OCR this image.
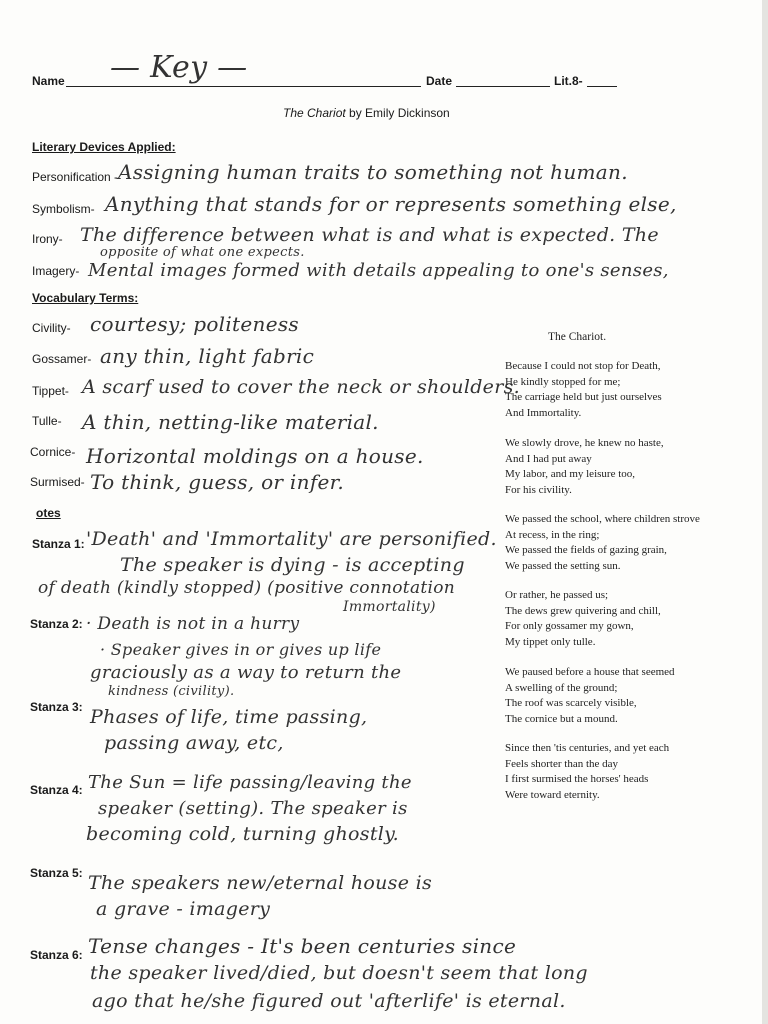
Name — Key —	Date	Lit.8-
The Chariot by Emily Dickinson
Literary Devices Applied:
Personification - Assigning human traits to something not human.
Symbolism- Anything that stands for or represents something else,
Irony- The difference between what is and what is expected. The
opposite of what one expects.
Imagery- Mental images formed with details appealing to one's senses,
Vocabulary Terms:
Civility- courtesy; politeness
Gossamer- any thin, light fabric
Tippet- A scarf used to cover the neck or shoulders.
Tulle- A thin, netting-like material.
Cornice- Horizontal moldings on a house.
Surmised- To think, guess, or infer.
otes
Stanza 1: 'Death' and 'Immortality' are personified.
The speaker is dying - is accepting
of death (kindly stopped) (positive connotation
Immortality)
Stanza 2: · Death is not in a hurry
· Speaker gives in or gives up life
graciously as a way to return the
kindness (civility).
Stanza 3: Phases of life, time passing,
passing away, etc,
Stanza 4: The Sun = life passing/leaving the
speaker (setting). The speaker is
becoming cold, turning ghostly.
Stanza 5: The speakers new/eternal house is
a grave - imagery
Stanza 6: Tense changes - It's been centuries since
the speaker lived/died, but doesn't seem that long
ago that he/she figured out 'afterlife' is eternal.
The Chariot.
Because I could not stop for Death,
He kindly stopped for me;
The carriage held but just ourselves
And Immortality.
We slowly drove, he knew no haste,
And I had put away
My labor, and my leisure too,
For his civility.
We passed the school, where children strove
At recess, in the ring;
We passed the fields of gazing grain,
We passed the setting sun.
Or rather, he passed us;
The dews grew quivering and chill,
For only gossamer my gown,
My tippet only tulle.
We paused before a house that seemed
A swelling of the ground;
The roof was scarcely visible,
The cornice but a mound.
Since then 'tis centuries, and yet each
Feels shorter than the day
I first surmised the horses' heads
Were toward eternity.
